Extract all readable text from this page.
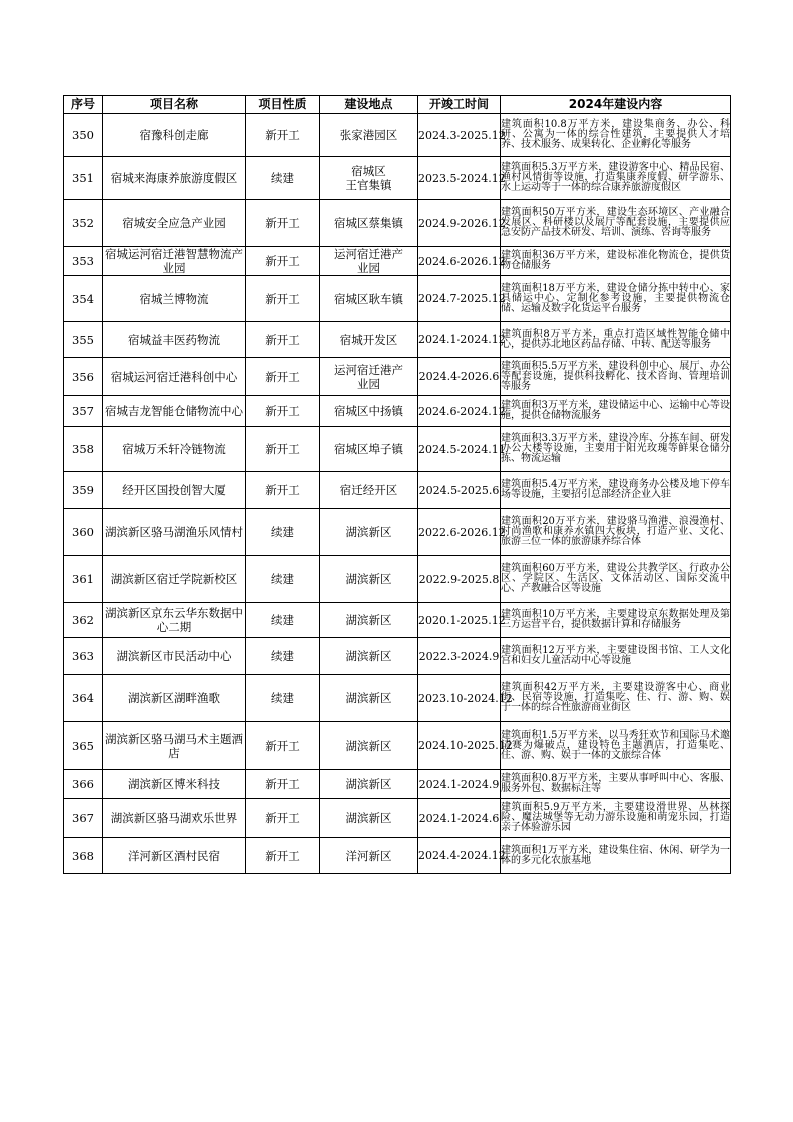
序号	项目名称	项目性质	建设地点	开竣工时间	2024年建设内容
350	宿豫科创走廊	新开工	张家港园区	2024.3-2025.12	建筑面积10.8万平方米，建设集商务、办公、科研、公寓为一体的综合性建筑，主要提供人才培养、技术服务、成果转化、企业孵化等服务
351	宿城来海康养旅游度假区	续建	宿城区
王官集镇	2023.5-2024.12	建筑面积5.3万平方米，建设游客中心、精品民宿、渔村风情街等设施，打造集康养度假、研学游乐、水上运动等于一体的综合康养旅游度假区
352	宿城安全应急产业园	新开工	宿城区蔡集镇	2024.9-2026.12	建筑面积50万平方米，建设生态环境区、产业融合发展区、科研楼以及展厅等配套设施，主要提供应急安防产品技术研发、培训、演练、咨询等服务
353	宿城运河宿迁港智慧物流产业园	新开工	运河宿迁港产
业园	2024.6-2026.12	建筑面积36万平方米，建设标准化物流仓，提供货物仓储服务
354	宿城兰博物流	新开工	宿城区耿车镇	2024.7-2025.12	建筑面积18万平方米，建设仓储分拣中转中心、家具储运中心、定制化参考设施，主要提供物流仓储、运输及数字化货运平台服务
355	宿城益丰医药物流	新开工	宿城开发区	2024.1-2024.12	建筑面积8万平方米，重点打造区域性智能仓储中心，提供苏北地区药品存储、中转、配送等服务
356	宿城运河宿迁港科创中心	新开工	运河宿迁港产
业园	2024.4-2026.6	建筑面积5.5万平方米，建设科创中心、展厅、办公等配套设施，提供科技孵化、技术咨询、管理培训等服务
357	宿城吉龙智能仓储物流中心	新开工	宿城区中扬镇	2024.6-2024.12	建筑面积3万平方米，建设储运中心、运输中心等设施，提供仓储物流服务
358	宿城万禾轩冷链物流	新开工	宿城区埠子镇	2024.5-2024.11	建筑面积3.3万平方米，建设冷库、分拣车间、研发办公大楼等设施，主要用于阳光玫瑰等鲜果仓储分拣、物流运输
359	经开区国投创智大厦	新开工	宿迁经开区	2024.5-2025.6	建筑面积5.4万平方米，建设商务办公楼及地下停车场等设施，主要招引总部经济企业入驻
360	湖滨新区骆马湖渔乐风情村	续建	湖滨新区	2022.6-2026.12	建筑面积20万平方米，建设骆马渔港、浪漫渔村、时尚渔歌和康养水镇四大板块，打造产业、文化、旅游三位一体的旅游康养综合体
361	湖滨新区宿迁学院新校区	续建	湖滨新区	2022.9-2025.8	建筑面积60万平方米，建设公共教学区、行政办公区、学院区、生活区、文体活动区、国际交流中心、产教融合区等设施
362	湖滨新区京东云华东数据中心二期	续建	湖滨新区	2020.1-2025.12	建筑面积10万平方米，主要建设京东数据处理及第三方运营平台，提供数据计算和存储服务
363	湖滨新区市民活动中心	续建	湖滨新区	2022.3-2024.9	建筑面积12万平方米，主要建设图书馆、工人文化宫和妇女儿童活动中心等设施
364	湖滨新区湖畔渔歌	续建	湖滨新区	2023.10-2024.12	建筑面积42万平方米，主要建设游客中心、商业街、民宿等设施，打造集吃、住、行、游、购、娱于一体的综合性旅游商业街区
365	湖滨新区骆马湖马术主题酒店	新开工	湖滨新区	2024.10-2025.12	建筑面积1.5万平方米，以马秀狂欢节和国际马术邀请赛为爆破点，建设特色主题酒店，打造集吃、住、游、购、娱于一体的文旅综合体
366	湖滨新区博米科技	新开工	湖滨新区	2024.1-2024.9	建筑面积0.8万平方米，主要从事呼叫中心、客服、服务外包、数据标注等
367	湖滨新区骆马湖欢乐世界	新开工	湖滨新区	2024.1-2024.6	建筑面积5.9万平方米，主要建设滑世界、丛林探险、魔法城堡等无动力游乐设施和萌宠乐园，打造亲子体验游乐园
368	洋河新区酒村民宿	新开工	洋河新区	2024.4-2024.12	建筑面积1万平方米，建设集住宿、休闲、研学为一体的多元化农旅基地
